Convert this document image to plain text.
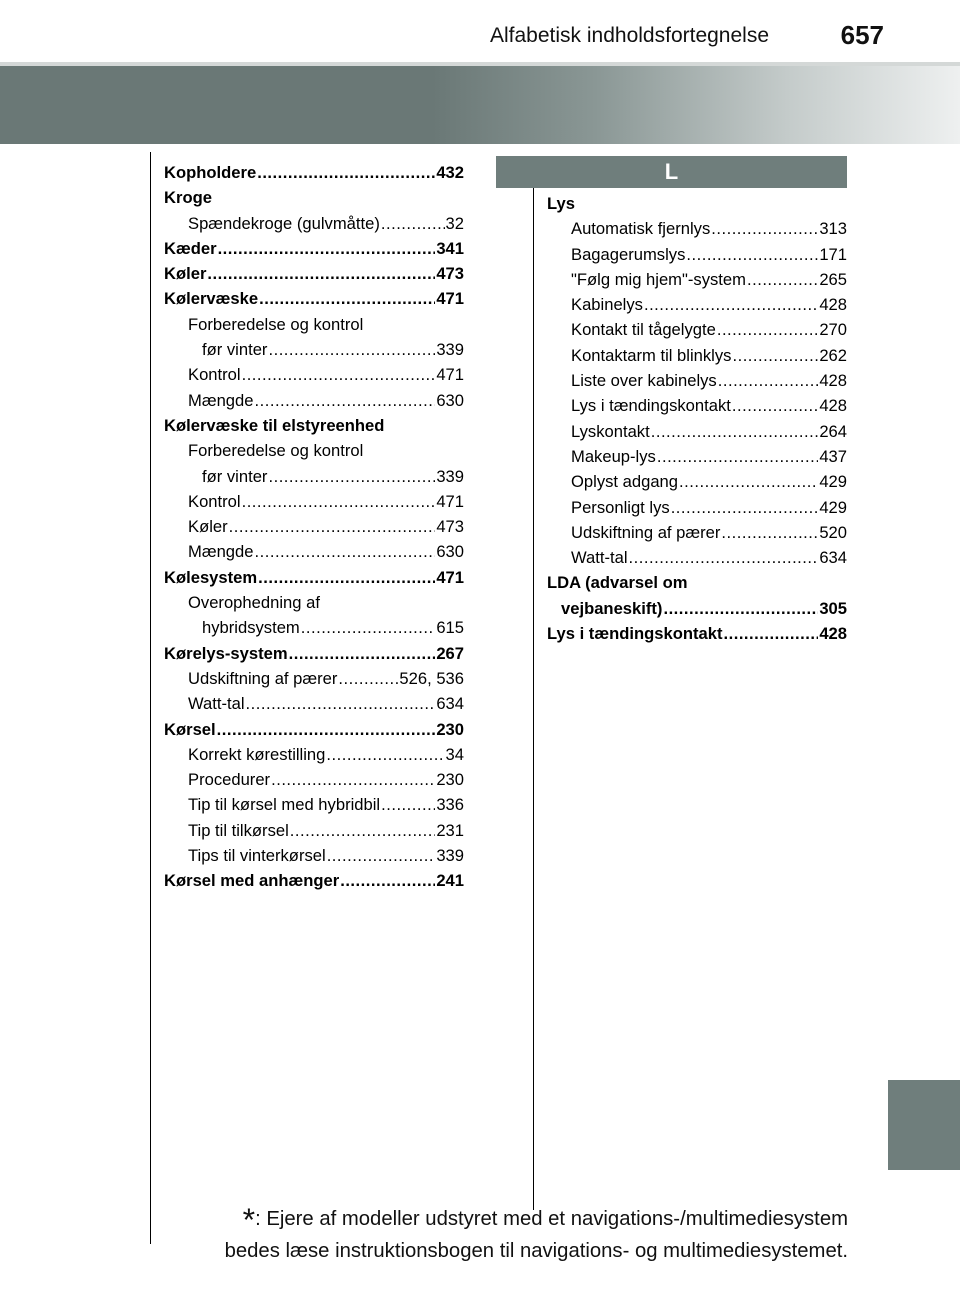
Alfabetisk indholdsfortegnelse	657
L
Kopholdere .....	432
Kroge
Spændekroge (gulvmåtte) .....	32
Kæder .....	341
Køler .....	473
Kølervæske .....	471
Forberedelse og kontrol
før vinter .....	339
Kontrol .....	471
Mængde .....	630
Kølervæske til elstyreenhed
Forberedelse og kontrol
før vinter .....	339
Kontrol .....	471
Køler .....	473
Mængde .....	630
Kølesystem .....	471
Overophedning af
hybridsystem .....	615
Kørelys-system .....	267
Udskiftning af pærer .....	526, 536
Watt-tal .....	634
Kørsel .....	230
Korrekt kørestilling .....	34
Procedurer .....	230
Tip til kørsel med hybridbil .....	336
Tip til tilkørsel .....	231
Tips til vinterkørsel .....	339
Kørsel med anhænger .....	241
Lys
Automatisk fjernlys .....	313
Bagagerumslys .....	171
"Følg mig hjem"-system .....	265
Kabinelys .....	428
Kontakt til tågelygte .....	270
Kontaktarm til blinklys .....	262
Liste over kabinelys .....	428
Lys i tændingskontakt .....	428
Lyskontakt .....	264
Makeup-lys .....	437
Oplyst adgang .....	429
Personligt lys .....	429
Udskiftning af pærer .....	520
Watt-tal .....	634
LDA (advarsel om
vejbaneskift) .....	305
Lys i tændingskontakt .....	428
*: Ejere af modeller udstyret med et navigations-/multimediesystem
bedes læse instruktionsbogen til navigations- og multimediesystemet.
